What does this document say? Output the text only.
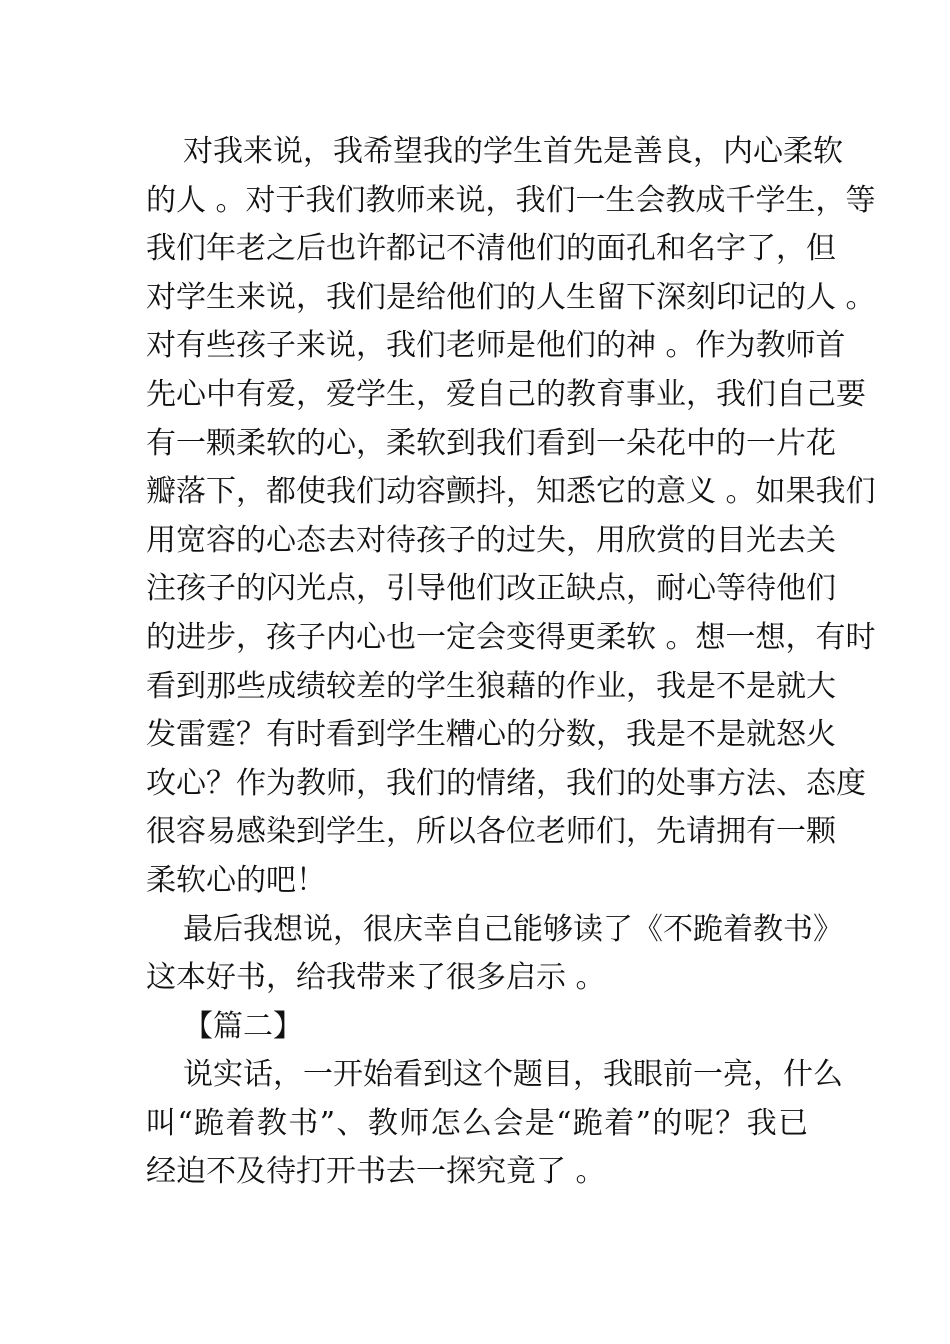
对我来说，我希望我的学生首先是善良，内心柔软
的人 。对于我们教师来说，我们一生会教成千学生，等
我们年老之后也许都记不清他们的面孔和名字了，但
对学生来说，我们是给他们的人生留下深刻印记的人 。
对有些孩子来说，我们老师是他们的神 。作为教师首
先心中有爱，爱学生，爱自己的教育事业，我们自己要
有一颗柔软的心，柔软到我们看到一朵花中的一片花
瓣落下，都使我们动容颤抖，知悉它的意义 。如果我们
用宽容的心态去对待孩子的过失，用欣赏的目光去关
注孩子的闪光点，引导他们改正缺点，耐心等待他们
的进步，孩子内心也一定会变得更柔软 。想一想，有时
看到那些成绩较差的学生狼藉的作业，我是不是就大
发雷霆？有时看到学生糟心的分数，我是不是就怒火
攻心？作为教师，我们的情绪，我们的处事方法、态度
很容易感染到学生，所以各位老师们，先请拥有一颗
柔软心的吧！
最后我想说，很庆幸自己能够读了《不跪着教书》
这本好书，给我带来了很多启示 。
【篇二】
说实话，一开始看到这个题目，我眼前一亮，什么
叫“跪着教书”、教师怎么会是“跪着”的呢？我已
经迫不及待打开书去一探究竟了 。
